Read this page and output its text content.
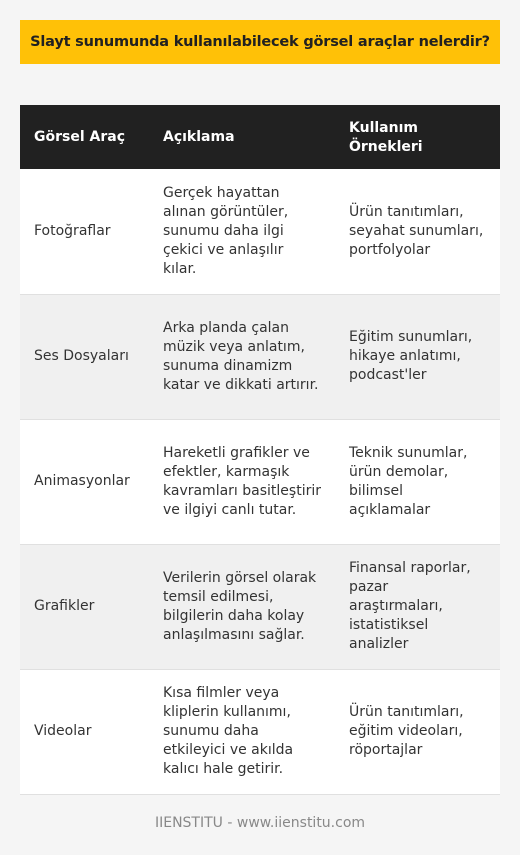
Slayt sunumunda kullanılabilecek görsel araçlar nelerdir?
Görsel Araç	Açıklama	Kullanım Örnekleri
Fotoğraflar	Gerçek hayattan alınan görüntüler, sunumu daha ilgi çekici ve anlaşılır kılar.	Ürün tanıtımları, seyahat sunumları, portfolyolar
Ses Dosyaları	Arka planda çalan müzik veya anlatım, sunuma dinamizm katar ve dikkati artırır.	Eğitim sunumları, hikaye anlatımı, podcast'ler
Animasyonlar	Hareketli grafikler ve efektler, karmaşık kavramları basitleştirir ve ilgiyi canlı tutar.	Teknik sunumlar, ürün demolar, bilimsel açıklamalar
Grafikler	Verilerin görsel olarak temsil edilmesi, bilgilerin daha kolay anlaşılmasını sağlar.	Finansal raporlar, pazar araştırmaları, istatistiksel analizler
Videolar	Kısa filmler veya kliplerin kullanımı, sunumu daha etkileyici ve akılda kalıcı hale getirir.	Ürün tanıtımları, eğitim videoları, röportajlar
IIENSTITU - www.iienstitu.com
